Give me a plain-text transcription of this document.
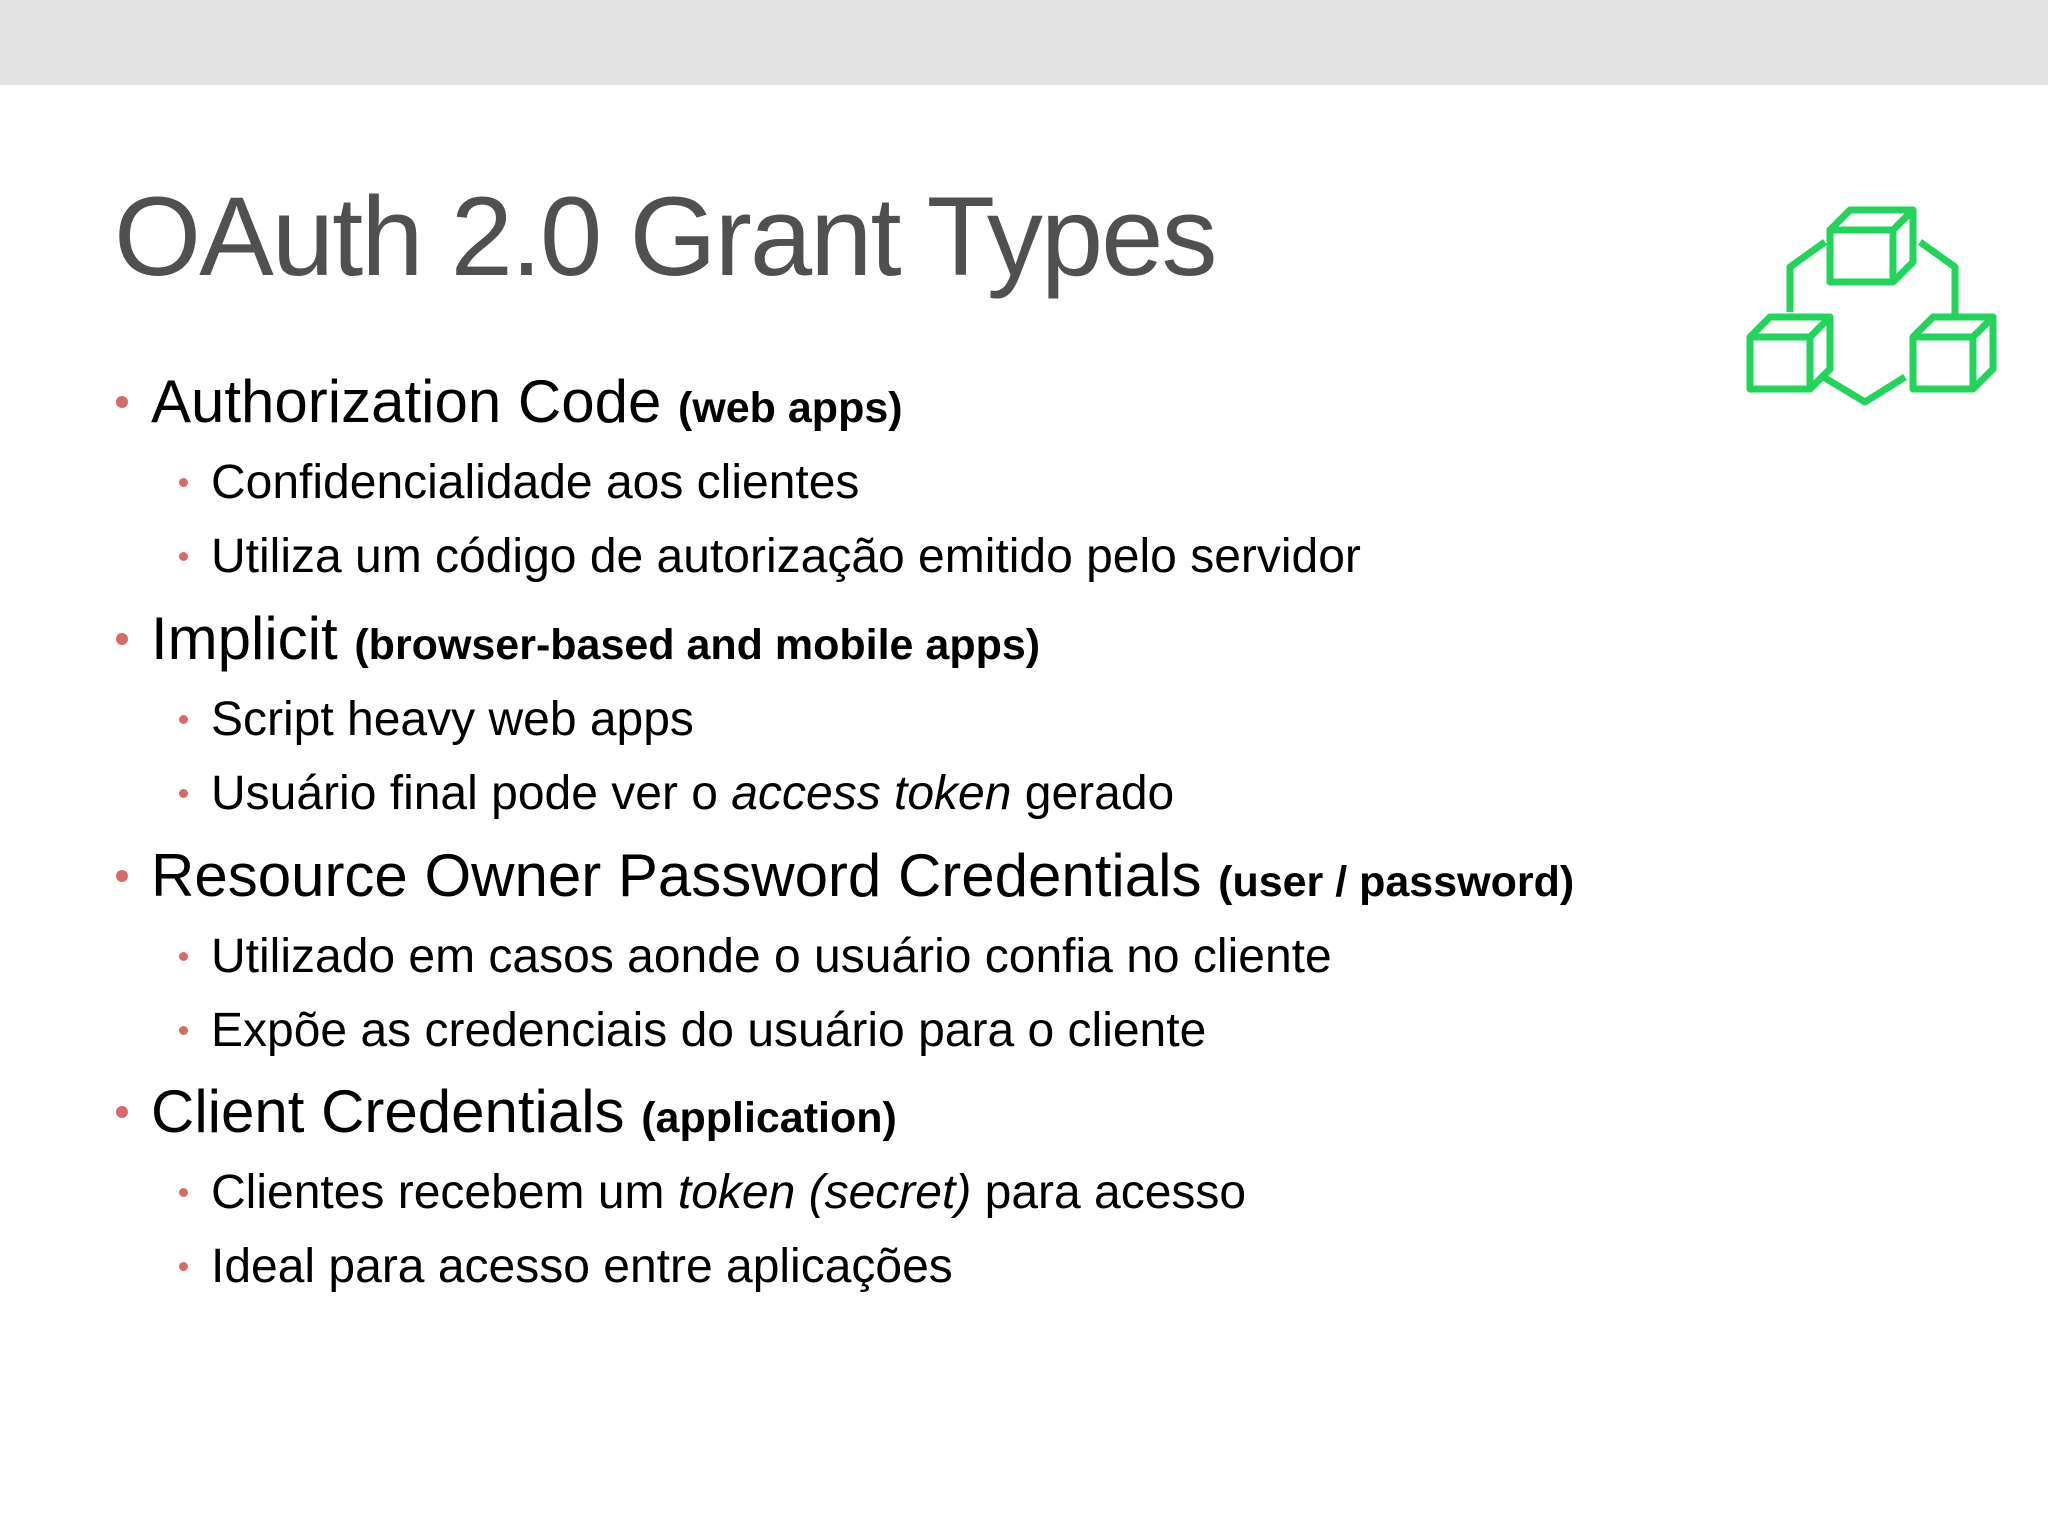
OAuth 2.0 Grant Types
Authorization Code (web apps)
Confidencialidade aos clientes
Utiliza um código de autorização emitido pelo servidor
Implicit (browser-based and mobile apps)
Script heavy web apps
Usuário final pode ver o access token gerado
Resource Owner Password Credentials (user / password)
Utilizado em casos aonde o usuário confia no cliente
Expõe as credenciais do usuário para o cliente
Client Credentials (application)
Clientes recebem um token (secret) para acesso
Ideal para acesso entre aplicações
